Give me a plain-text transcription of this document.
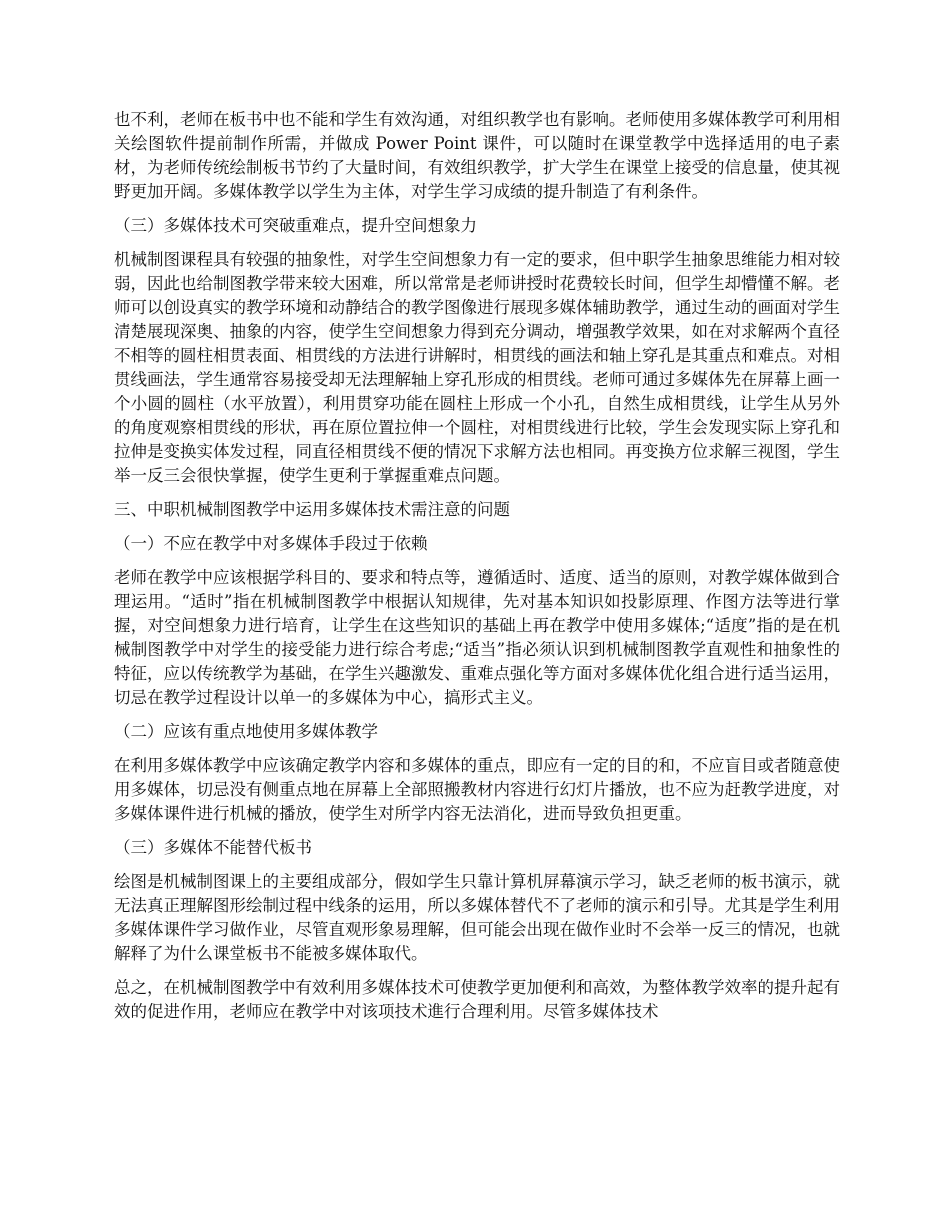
也不利，老师在板书中也不能和学生有效沟通，对组织教学也有影响。老师使用多媒体教学可利用相关绘图软件提前制作所需，并做成 Power Point 课件，可以随时在课堂教学中选择适用的电子素材，为老师传统绘制板书节约了大量时间，有效组织教学，扩大学生在课堂上接受的信息量，使其视野更加开阔。多媒体教学以学生为主体，对学生学习成绩的提升制造了有利条件。

（三）多媒体技术可突破重难点，提升空间想象力

机械制图课程具有较强的抽象性，对学生空间想象力有一定的要求，但中职学生抽象思维能力相对较弱，因此也给制图教学带来较大困难，所以常常是老师讲授时花费较长时间，但学生却懵懂不解。老师可以创设真实的教学环境和动静结合的教学图像进行展现多媒体辅助教学，通过生动的画面对学生清楚展现深奥、抽象的内容，使学生空间想象力得到充分调动，增强教学效果，如在对求解两个直径不相等的圆柱相贯表面、相贯线的方法进行讲解时，相贯线的画法和轴上穿孔是其重点和难点。对相贯线画法，学生通常容易接受却无法理解轴上穿孔形成的相贯线。老师可通过多媒体先在屏幕上画一个小圆的圆柱（水平放置），利用贯穿功能在圆柱上形成一个小孔，自然生成相贯线，让学生从另外的角度观察相贯线的形状，再在原位置拉伸一个圆柱，对相贯线进行比较，学生会发现实际上穿孔和拉伸是变换实体发过程，同直径相贯线不便的情况下求解方法也相同。再变换方位求解三视图，学生举一反三会很快掌握，使学生更利于掌握重难点问题。

三、中职机械制图教学中运用多媒体技术需注意的问题

（一）不应在教学中对多媒体手段过于依赖

老师在教学中应该根据学科目的、要求和特点等，遵循适时、适度、适当的原则，对教学媒体做到合理运用。“适时”指在机械制图教学中根据认知规律，先对基本知识如投影原理、作图方法等进行掌握，对空间想象力进行培育，让学生在这些知识的基础上再在教学中使用多媒体;“适度”指的是在机械制图教学中对学生的接受能力进行综合考虑;“适当”指必须认识到机械制图教学直观性和抽象性的特征，应以传统教学为基础，在学生兴趣激发、重难点强化等方面对多媒体优化组合进行适当运用，切忌在教学过程设计以单一的多媒体为中心，搞形式主义。

（二）应该有重点地使用多媒体教学

在利用多媒体教学中应该确定教学内容和多媒体的重点，即应有一定的目的和，不应盲目或者随意使用多媒体，切忌没有侧重点地在屏幕上全部照搬教材内容进行幻灯片播放，也不应为赶教学进度，对多媒体课件进行机械的播放，使学生对所学内容无法消化，进而导致负担更重。

（三）多媒体不能替代板书

绘图是机械制图课上的主要组成部分，假如学生只靠计算机屏幕演示学习，缺乏老师的板书演示，就无法真正理解图形绘制过程中线条的运用，所以多媒体替代不了老师的演示和引导。尤其是学生利用多媒体课件学习做作业，尽管直观形象易理解，但可能会出现在做作业时不会举一反三的情况，也就解释了为什么课堂板书不能被多媒体取代。

总之，在机械制图教学中有效利用多媒体技术可使教学更加便利和高效，为整体教学效率的提升起有效的促进作用，老师应在教学中对该项技术進行合理利用。尽管多媒体技术
